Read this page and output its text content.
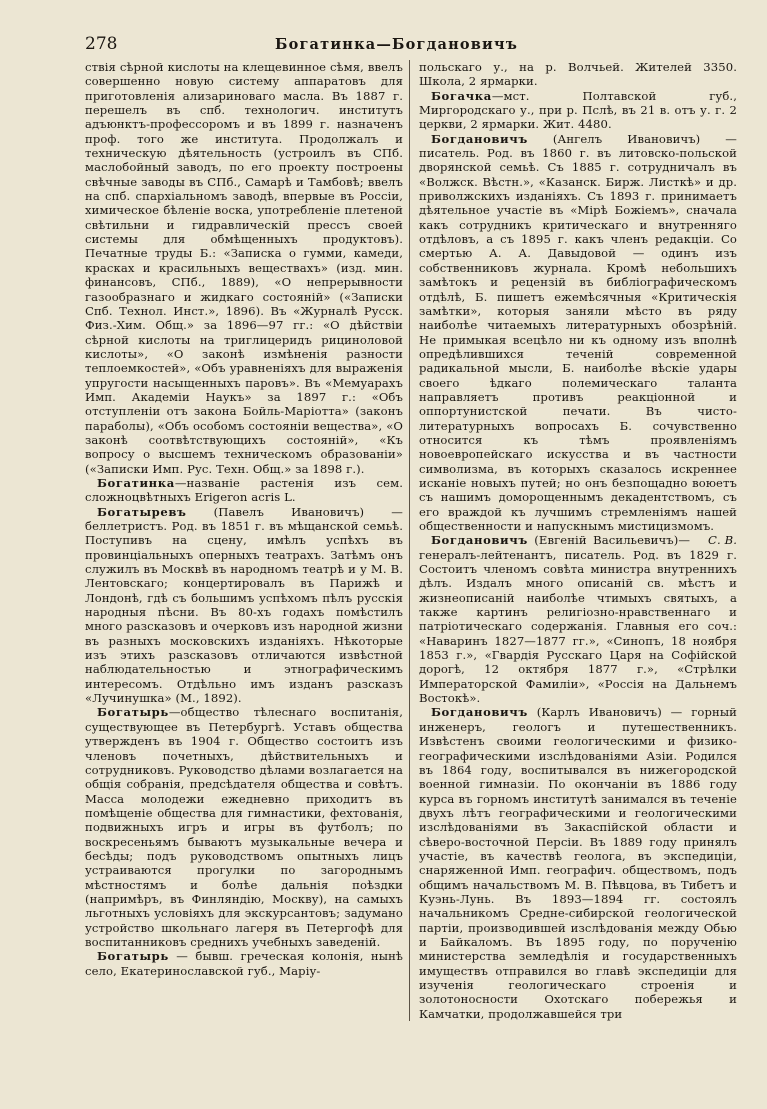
278	Богатинка—Богдановичъ

ствія сѣрной кислоты на клещевинное сѣмя, ввелъ совершенно новую систему аппаратовъ для приготовленія ализариноваго масла. Въ 1887 г. перешелъ въ спб. технологич. институтъ адъюнктъ-профессоромъ и въ 1899 г. назначенъ проф. того же института. Продолжалъ и техническую дѣятельность (устроилъ въ СПб. маслобойный заводъ, по его проекту построены свѣчные заводы въ СПб., Самарѣ и Тамбовѣ; ввелъ на спб. спархіальномъ заводѣ, впервые въ Россіи, химическое бѣленіе воска, употребленіе плетеной свѣтильни и гидравлическій прессъ своей системы для обмѣщенныхъ продуктовъ). Печатные труды Б.: «Записка о гумми, камеди, красках и красильныхъ веществахъ» (изд. мин. финансовъ, СПб., 1889), «О непрерывности газообразнаго и жидкаго состояній» («Записки Спб. Технол. Инст.», 1896). Въ «Журналѣ Русск. Физ.-Хим. Общ.» за 1896—97 гг.: «О дѣйствіи сѣрной кислоты на триглицеридъ рициноловой кислоты», «О законѣ измѣненія разности теплоемкостей», «Объ уравненіяхъ для выраженія упругости насыщенныхъ паровъ». Въ «Мемуарахъ Имп. Академіи Наукъ» за 1897 г.: «Объ отступленіи отъ закона Бойль-Маріотта» (законъ параболы), «Объ особомъ состояніи вещества», «О законѣ соотвѣтствующихъ состояній», «Къ вопросу о высшемъ техническомъ образованіи» («Записки Имп. Рус. Техн. Общ.» за 1898 г.).

Богатинка—названіе растенія изъ сем. сложноцвѣтныхъ Erigeron acris L.

Богатыревъ (Павелъ Ивановичъ) — беллетристъ. Род. въ 1851 г. въ мѣщанской семьѣ. Поступивъ на сцену, имѣлъ успѣхъ въ провинціальныхъ оперныхъ театрахъ. Затѣмъ онъ служилъ въ Москвѣ въ народномъ театрѣ и у М. В. Лентовскаго; концертировалъ въ Парижѣ и Лондонѣ, гдѣ съ большимъ успѣхомъ пѣлъ русскія народныя пѣсни. Въ 80-хъ годахъ помѣстилъ много разсказовъ и очерковъ изъ народной жизни въ разныхъ московскихъ изданіяхъ. Нѣкоторые изъ этихъ разсказовъ отличаются извѣстной наблюдательностью и этнографическимъ интересомъ. Отдѣльно имъ изданъ разсказъ «Лучинушка» (М., 1892).

Богатырь—общество тѣлеснаго воспитанія, существующее въ Петербургѣ. Уставъ общества утвержденъ въ 1904 г. Общество состоитъ изъ членовъ почетныхъ, дѣйствительныхъ и сотрудниковъ. Руководство дѣлами возлагается на общія собранія, предсѣдателя общества и совѣтъ. Масса молодежи ежедневно приходитъ въ помѣщеніе общества для гимнастики, фехтованія, подвижныхъ игръ и игры въ футболъ; по воскресеньямъ бываютъ музыкальные вечера и бесѣды; подъ руководствомъ опытныхъ лицъ устраиваются прогулки по загороднымъ мѣстностямъ и болѣе дальнія поѣздки (напримѣръ, въ Финляндію, Москву), на самыхъ льготныхъ условіяхъ для экскурсантовъ; задумано устройство школьнаго лагеря въ Петергофѣ для воспитанниковъ среднихъ учебныхъ заведеній.

Богатырь — бывш. греческая колонія, нынѣ село, Екатеринославской губ., Маріу-

польскаго у., на р. Волчьей. Жителей 3350. Школа, 2 ярмарки.

Богачка—мст. Полтавской губ., Миргородскаго у., при р. Пслѣ, въ 21 в. отъ у. г. 2 церкви, 2 ярмарки. Жит. 4480.

Богдановичъ (Ангелъ Ивановичъ) — писатель. Род. въ 1860 г. въ литовско-польской дворянской семьѣ. Съ 1885 г. сотрудничалъ въ «Волжск. Вѣстн.», «Казанск. Бирж. Листкѣ» и др. приволжскихъ изданіяхъ. Съ 1893 г. принимаетъ дѣятельное участіе въ «Мірѣ Божіемъ», сначала какъ сотрудникъ критическаго и внутренняго отдѣловъ, а съ 1895 г. какъ членъ редакціи. Со смертью А. А. Давыдовой — одинъ изъ собственниковъ журнала. Кромѣ небольшихъ замѣтокъ и рецензій въ библіографическомъ отдѣлѣ, Б. пишетъ ежемѣсячныя «Критическія замѣтки», которыя заняли мѣсто въ ряду наиболѣе читаемыхъ литературныхъ обозрѣній. Не примыкая всецѣло ни къ одному изъ вполнѣ опредѣлившихся теченій современной радикальной мысли, Б. наиболѣе вѣскіе удары своего ѣдкаго полемическаго таланта направляетъ противъ реакціонной и оппортунистской печати. Въ чисто-литературныхъ вопросахъ Б. сочувственно относится къ тѣмъ проявленіямъ новоевропейскаго искусства и въ частности символизма, въ которыхъ сказалось искреннее исканіе новыхъ путей; но онъ безпощадно воюетъ съ нашимъ доморощеннымъ декадентствомъ, съ его враждой къ лучшимъ стремленіямъ нашей общественности и напускнымъ мистицизмомъ.
С. В.

Богдановичъ (Евгеній Васильевичъ)— генералъ-лейтенантъ, писатель. Род. въ 1829 г. Состоитъ членомъ совѣта министра внутреннихъ дѣлъ. Издалъ много описаній св. мѣстъ и жизнеописаній наиболѣе чтимыхъ святыхъ, а также картинъ религіозно-нравственнаго и патріотическаго содержанія. Главныя его соч.: «Наваринъ 1827—1877 гг.», «Синопъ, 18 ноября 1853 г.», «Гвардія Русскаго Царя на Софійской дорогѣ, 12 октября 1877 г.», «Стрѣлки Императорской Фамиліи», «Россія на Дальнемъ Востокѣ».

Богдановичъ (Карлъ Ивановичъ) — горный инженеръ, геологъ и путешественникъ. Извѣстенъ своими геологическими и физико-географическими изслѣдованіями Азіи. Родился въ 1864 году, воспитывался въ нижегородской военной гимназіи. По окончаніи въ 1886 году курса въ горномъ институтѣ занимался въ теченіе двухъ лѣтъ географическими и геологическими изслѣдованіями въ Закаспійской области и сѣверо-восточной Персіи. Въ 1889 году принялъ участіе, въ качествѣ геолога, въ экспедиціи, снаряженной Имп. географич. обществомъ, подъ общимъ начальствомъ М. В. Пѣвцова, въ Тибетъ и Куэнь-Лунь. Въ 1893—1894 гг. состоялъ начальникомъ Средне-сибирской геологической партіи, производившей изслѣдованія между Обью и Байкаломъ. Въ 1895 году, по порученію министерства земледѣлія и государственныхъ имуществъ отправился во главѣ экспедиціи для изученія геологическаго строенія и золотоносности Охотскаго побережья и Камчатки, продолжавшейся три
